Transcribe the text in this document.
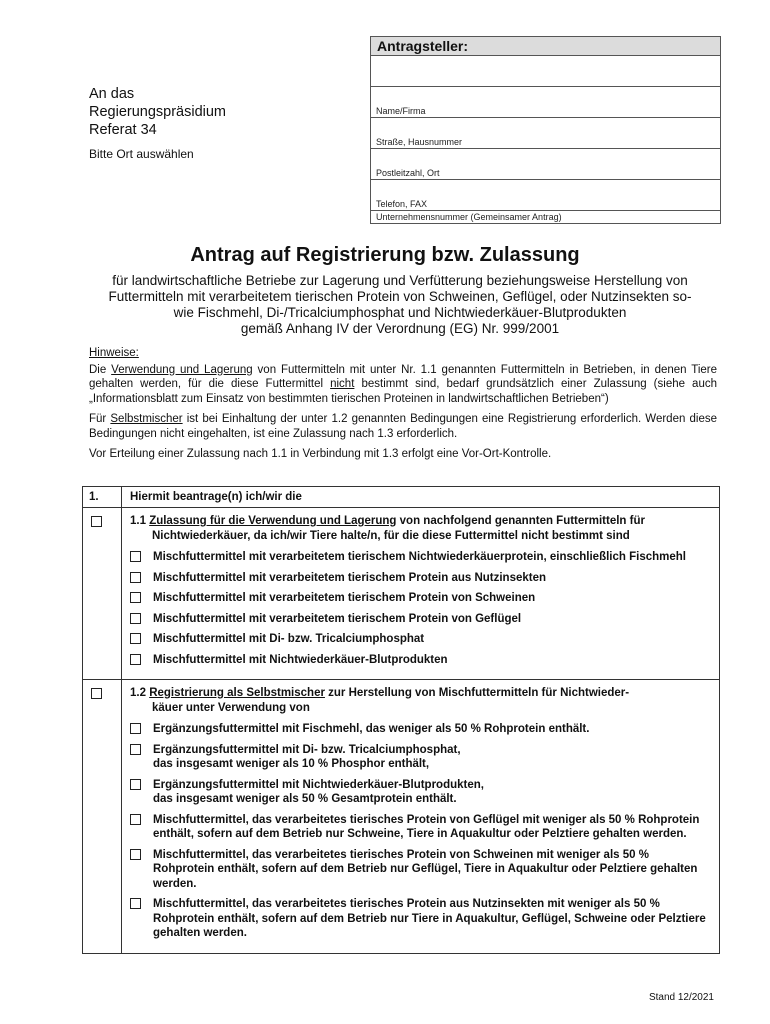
Antragsteller:
Name/Firma
Straße, Hausnummer
Postleitzahl, Ort
Telefon, FAX
Unternehmensnummer (Gemeinsamer Antrag)
An das
Regierungspräsidium
Referat 34
Bitte Ort auswählen
Antrag auf Registrierung bzw. Zulassung
für landwirtschaftliche Betriebe zur Lagerung und Verfütterung beziehungsweise Herstellung von
Futtermitteln mit verarbeitetem tierischen Protein von Schweinen, Geflügel, oder Nutzinsekten so-
wie Fischmehl, Di-/Tricalciumphosphat und Nichtwiederkäuer-Blutprodukten
gemäß Anhang IV der Verordnung (EG) Nr. 999/2001

Hinweise:

Die Verwendung und Lagerung von Futtermitteln mit unter Nr. 1.1 genannten Futtermitteln in Betrieben, in denen Tiere gehalten werden, für die diese Futtermittel nicht bestimmt sind, bedarf grundsätzlich einer Zulassung (siehe auch „Informationsblatt zum Einsatz von bestimmten tierischen Proteinen in landwirtschaftlichen Betrieben“)

Für Selbstmischer ist bei Einhaltung der unter 1.2 genannten Bedingungen eine Registrierung erforderlich. Werden diese Bedingungen nicht eingehalten, ist eine Zulassung nach 1.3 erforderlich.

Vor Erteilung einer Zulassung nach 1.1 in Verbindung mit 1.3 erfolgt eine Vor-Ort-Kontrolle.

1.	Hiermit beantrage(n) ich/wir die
1.1 Zulassung für die Verwendung und Lagerung von nachfolgend genannten Futtermitteln für
Nichtwiederkäuer, da ich/wir Tiere halte/n, für die diese Futtermittel nicht bestimmt sind
Mischfuttermittel mit verarbeitetem tierischem Nichtwiederkäuerprotein, einschließlich Fischmehl
Mischfuttermittel mit verarbeitetem tierischem Protein aus Nutzinsekten
Mischfuttermittel mit verarbeitetem tierischem Protein von Schweinen
Mischfuttermittel mit verarbeitetem tierischem Protein von Geflügel
Mischfuttermittel mit Di- bzw. Tricalciumphosphat
Mischfuttermittel mit Nichtwiederkäuer-Blutprodukten
1.2 Registrierung als Selbstmischer zur Herstellung von Mischfuttermitteln für Nichtwieder-
käuer unter Verwendung von
Ergänzungsfuttermittel mit Fischmehl, das weniger als 50 % Rohprotein enthält.
Ergänzungsfuttermittel mit Di- bzw. Tricalciumphosphat,
das insgesamt weniger als 10 % Phosphor enthält,
Ergänzungsfuttermittel mit Nichtwiederkäuer-Blutprodukten,
das insgesamt weniger als 50 % Gesamtprotein enthält.
Mischfuttermittel, das verarbeitetes tierisches Protein von Geflügel mit weniger als 50 % Rohprotein enthält, sofern auf dem Betrieb nur Schweine, Tiere in Aquakultur oder Pelztiere gehalten werden.
Mischfuttermittel, das verarbeitetes tierisches Protein von Schweinen mit weniger als 50 % Rohprotein enthält, sofern auf dem Betrieb nur Geflügel, Tiere in Aquakultur oder Pelztiere gehalten werden.
Mischfuttermittel, das verarbeitetes tierisches Protein aus Nutzinsekten mit weniger als 50 % Rohprotein enthält, sofern auf dem Betrieb nur Tiere in Aquakultur, Geflügel, Schweine oder Pelztiere gehalten werden.
Stand 12/2021
